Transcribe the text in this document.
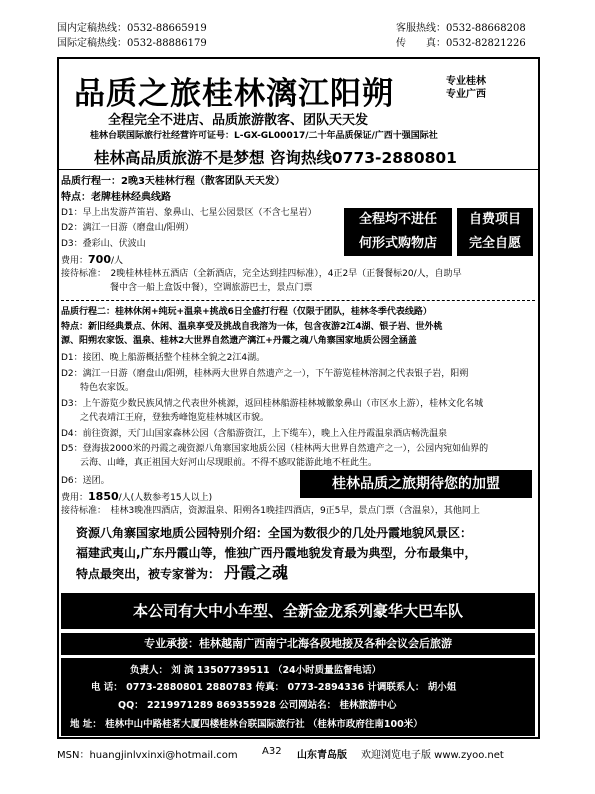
国内定稿热线：0532-88665919
国际定稿热线：0532-88886179
客服热线：0532-88668208
传　　真：0532-82821226
品质之旅桂林漓江阳朔	专业桂林
专业广西
全程完全不进店、品质旅游散客、团队天天发
桂林台联国际旅行社经营许可证号：L-GX-GL00017/二十年品质保证/广西十强国际社
桂林高品质旅游不是梦想 咨询热线0773-2880801
品质行程一：2晚3天桂林行程（散客团队天天发）
特点：老牌桂林经典线路
D1：早上出发游芦笛岩、象鼻山、七星公园景区（不含七星岩）
D2：漓江一日游（磨盘山/阳朔）
D3：叠彩山、伏波山
费用：700/人
接待标准：　2晚桂林桂林五酒店（全新酒店，完全达到挂四标准），4正2早（正餐餐标20/人，自助早
餐中含一船上盒饭中餐），空调旅游巴士，景点门票
全程均不进任
何形式购物店
自费项目
完全自愿
品质行程二：桂林休闲+纯玩+温泉+挑战6日全盛打行程（仅限于团队，桂林冬季代表线路）
特点：新旧经典景点、休闲、温泉享受及挑战自我溶为一体，包含夜游2江4湖、银子岩、世外桃
源、阳朔农家饭、温泉、桂林2大世界自然遗产漓江+丹霞之魂八角寨国家地质公园全涵盖
D1：接团、晚上船游概括整个桂林全貌之2江4湖。
D2：漓江一日游（磨盘山/阳朔，桂林两大世界自然遗产之一），下午游览桂林溶洞之代表银子岩，阳朔
特色农家饭。
D3：上午游览少数民族风情之代表世外桃源，返回桂林船游桂林城徽象鼻山（市区水上游），桂林文化名城
之代表靖江王府，登独秀峰饱览桂林城区市貌。
D4：前往资源，天门山国家森林公园（含船游资江，上下缆车），晚上入住丹霞温泉酒店畅洗温泉
D5：登海拔2000米的丹霞之魂资源八角寨国家地质公园（桂林两大世界自然遗产之一），公园内宛如仙界的
云海、山峰，真正祖国大好河山尽现眼前。不得不感叹能游此地不枉此生。
D6：送团。
费用：1850/人(人数参考15人以上)
接待标准：　桂林3晚准四酒店，资源温泉、阳朔各1晚挂四酒店，9正5早，景点门票（含温泉），其他同上
桂林品质之旅期待您的加盟
资源八角寨国家地质公园特别介绍：全国为数很少的几处丹霞地貌风景区：
福建武夷山,广东丹霞山等，惟独广西丹霞地貌发育最为典型，分布最集中，
特点最突出，被专家誉为： 丹霞之魂
本公司有大中小车型、全新金龙系列豪华大巴车队
专业承接：桂林越南广西南宁北海各段地接及各种会议会后旅游
负责人： 刘 滨 13507739511 （24小时质量监督电话）
电 话： 0773-2880801 2880783 传真： 0773-2894336 计调联系人： 胡小姐
QQ： 2219971289 869355928 公司网站名： 桂林旅游中心
地 址： 桂林中山中路桂茗大厦四楼桂林台联国际旅行社 （桂林市政府往南100米）
MSN：huangjinlvxinxi@hotmail.com A32 山东青岛版 欢迎浏览电子版 www.zyoo.net
